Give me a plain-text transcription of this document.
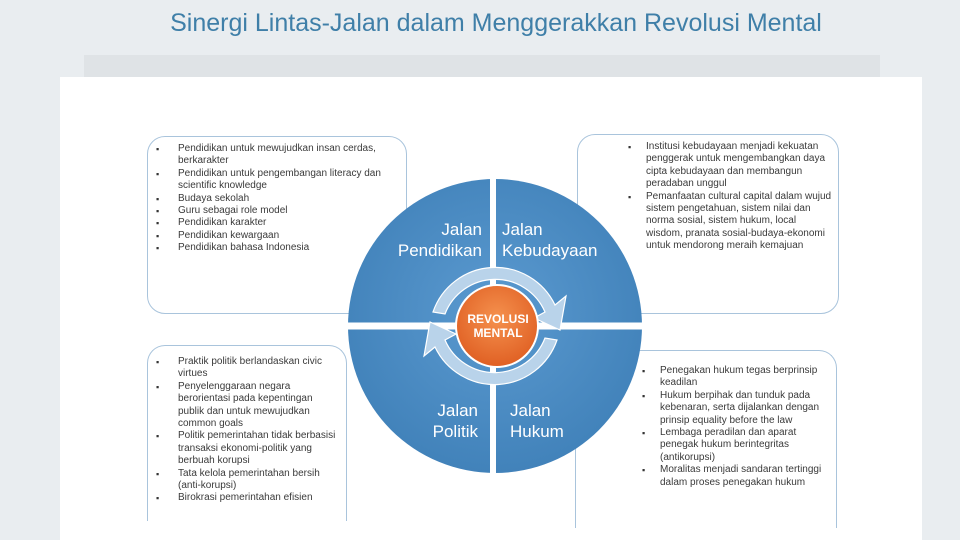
Sinergi Lintas-Jalan dalam Menggerakkan Revolusi Mental
▪ Pendidikan untuk mewujudkan insan cerdas, berkarakter
▪ Pendidikan untuk pengembangan literacy dan scientific knowledge
▪ Budaya sekolah
▪ Guru sebagai role model
▪ Pendidikan karakter
▪ Pendidikan kewargaan
▪ Pendidikan bahasa Indonesia
▪ Institusi kebudayaan menjadi kekuatan penggerak untuk mengembangkan daya cipta kebudayaan dan membangun peradaban unggul
▪ Pemanfaatan cultural capital dalam wujud sistem pengetahuan, sistem nilai dan norma sosial, sistem hukum, local wisdom, pranata sosial-budaya-ekonomi untuk mendorong meraih kemajuan
▪ Praktik politik berlandaskan civic virtues
▪ Penyelenggaraan negara berorientasi pada kepentingan publik dan untuk mewujudkan common goals
▪ Politik pemerintahan tidak berbasisi transaksi ekonomi-politik yang berbuah korupsi
▪ Tata kelola pemerintahan bersih (anti-korupsi)
▪ Birokrasi pemerintahan efisien
▪ Penegakan hukum tegas berprinsip keadilan
▪ Hukum berpihak dan tunduk pada kebenaran, serta dijalankan dengan prinsip equality before the law
▪ Lembaga peradilan dan aparat penegak hukum berintegritas (antikorupsi)
▪ Moralitas menjadi sandaran tertinggi dalam proses penegakan hukum
Jalan
Pendidikan
Jalan
Kebudayaan
Jalan
Politik
Jalan
Hukum
REVOLUSI
MENTAL
